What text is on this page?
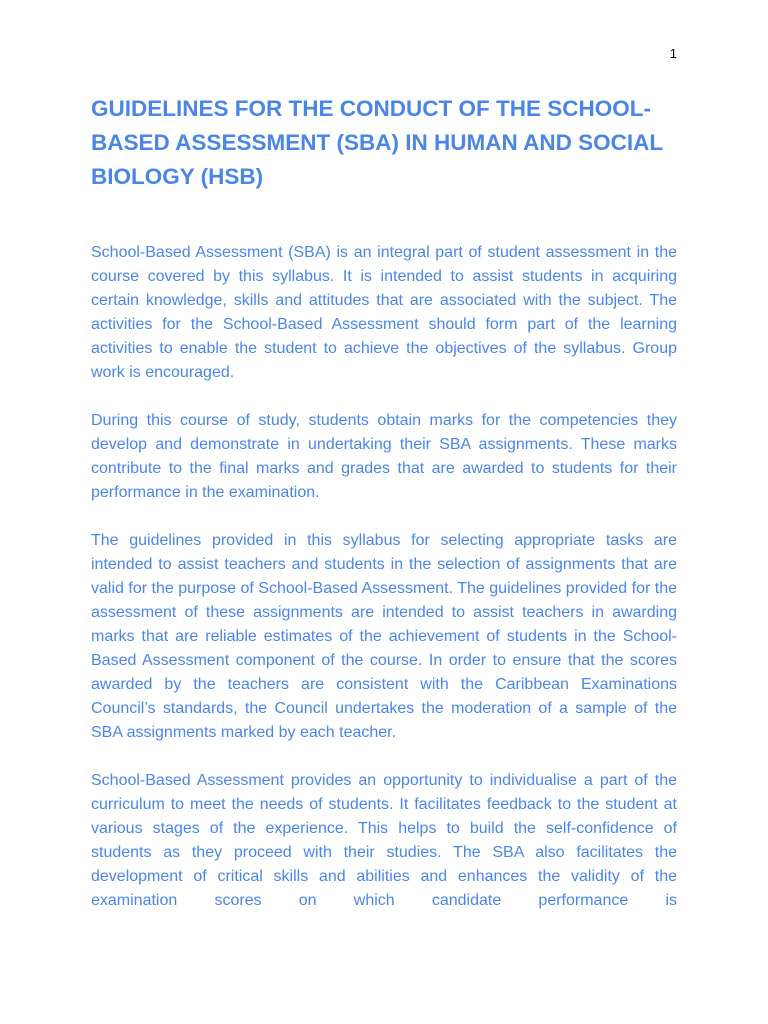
1
GUIDELINES FOR THE CONDUCT OF THE SCHOOL-BASED ASSESSMENT (SBA) IN HUMAN AND SOCIAL BIOLOGY (HSB)

School-Based Assessment (SBA) is an integral part of student assessment in the course covered by this syllabus. It is intended to assist students in acquiring certain knowledge, skills and attitudes that are associated with the subject. The activities for the School-Based Assessment should form part of the learning activities to enable the student to achieve the objectives of the syllabus. Group work is encouraged.

During this course of study, students obtain marks for the competencies they develop and demonstrate in undertaking their SBA assignments. These marks contribute to the final marks and grades that are awarded to students for their performance in the examination.

The guidelines provided in this syllabus for selecting appropriate tasks are intended to assist teachers and students in the selection of assignments that are valid for the purpose of School-Based Assessment. The guidelines provided for the assessment of these assignments are intended to assist teachers in awarding marks that are reliable estimates of the achievement of students in the School-Based Assessment component of the course. In order to ensure that the scores awarded by the teachers are consistent with the Caribbean Examinations Council’s standards, the Council undertakes the moderation of a sample of the SBA assignments marked by each teacher.

School-Based Assessment provides an opportunity to individualise a part of the curriculum to meet the needs of students. It facilitates feedback to the student at various stages of the experience. This helps to build the self-confidence of students as they proceed with their studies. The SBA also facilitates the development of critical skills and abilities and enhances the validity of the examination scores on which candidate performance is
